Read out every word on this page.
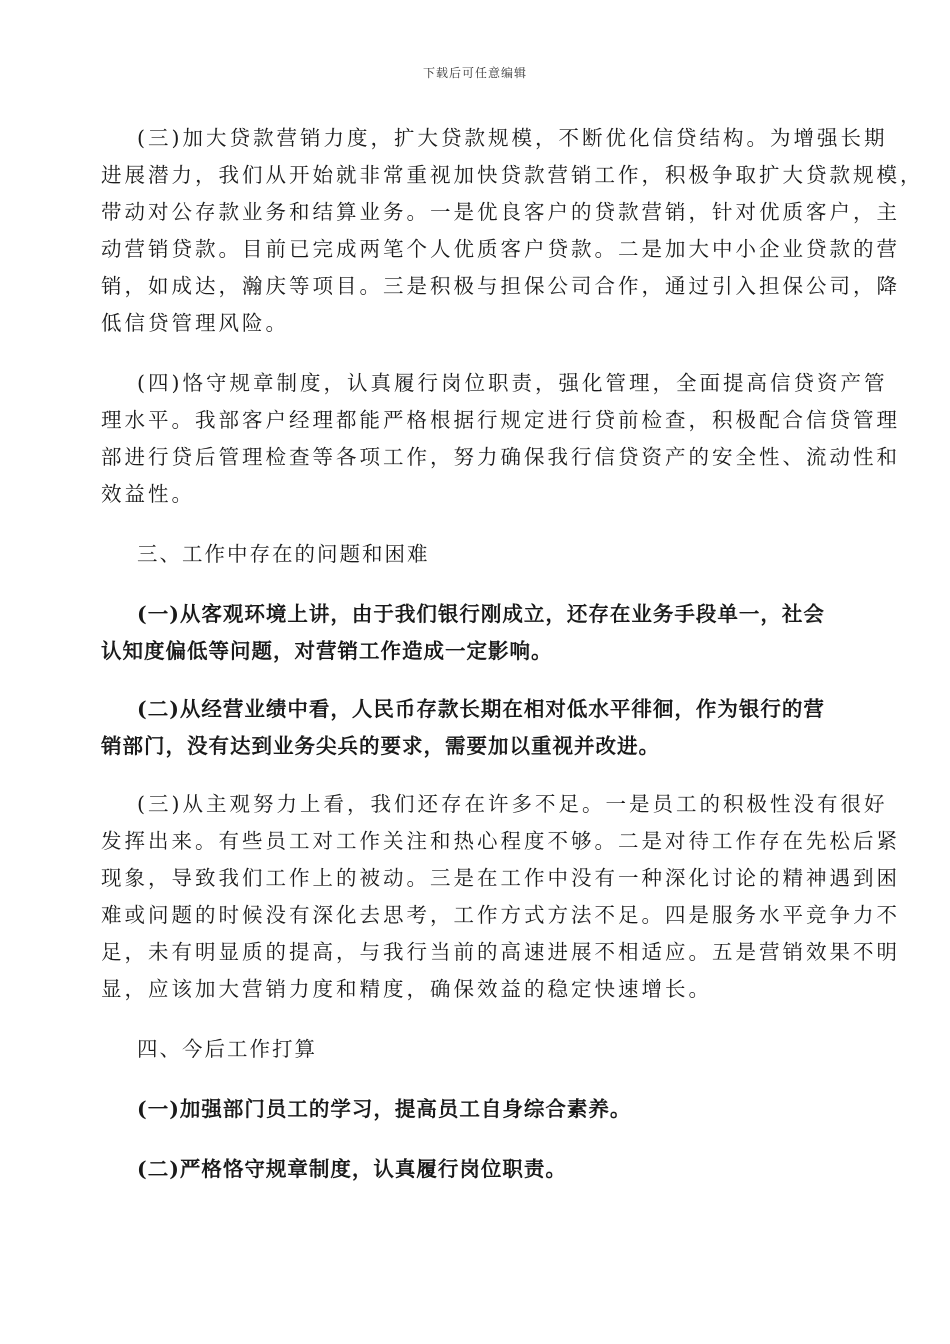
下载后可任意编辑

(三)加大贷款营销力度，扩大贷款规模，不断优化信贷结构。为增强长期
进展潜力，我们从开始就非常重视加快贷款营销工作，积极争取扩大贷款规模，
带动对公存款业务和结算业务。一是优良客户的贷款营销，针对优质客户，主
动营销贷款。目前已完成两笔个人优质客户贷款。二是加大中小企业贷款的营
销，如成达，瀚庆等项目。三是积极与担保公司合作，通过引入担保公司，降
低信贷管理风险。

(四)恪守规章制度，认真履行岗位职责，强化管理，全面提高信贷资产管
理水平。我部客户经理都能严格根据行规定进行贷前检查，积极配合信贷管理
部进行贷后管理检查等各项工作，努力确保我行信贷资产的安全性、流动性和
效益性。

三、工作中存在的问题和困难

(一)从客观环境上讲，由于我们银行刚成立，还存在业务手段单一，社会
认知度偏低等问题，对营销工作造成一定影响。

(二)从经营业绩中看，人民币存款长期在相对低水平徘徊，作为银行的营
销部门，没有达到业务尖兵的要求，需要加以重视并改进。

(三)从主观努力上看，我们还存在许多不足。一是员工的积极性没有很好
发挥出来。有些员工对工作关注和热心程度不够。二是对待工作存在先松后紧
现象，导致我们工作上的被动。三是在工作中没有一种深化讨论的精神遇到困
难或问题的时候没有深化去思考，工作方式方法不足。四是服务水平竞争力不
足，未有明显质的提高，与我行当前的高速进展不相适应。五是营销效果不明
显，应该加大营销力度和精度，确保效益的稳定快速增长。

四、今后工作打算

(一)加强部门员工的学习，提高员工自身综合素养。

(二)严格恪守规章制度，认真履行岗位职责。
